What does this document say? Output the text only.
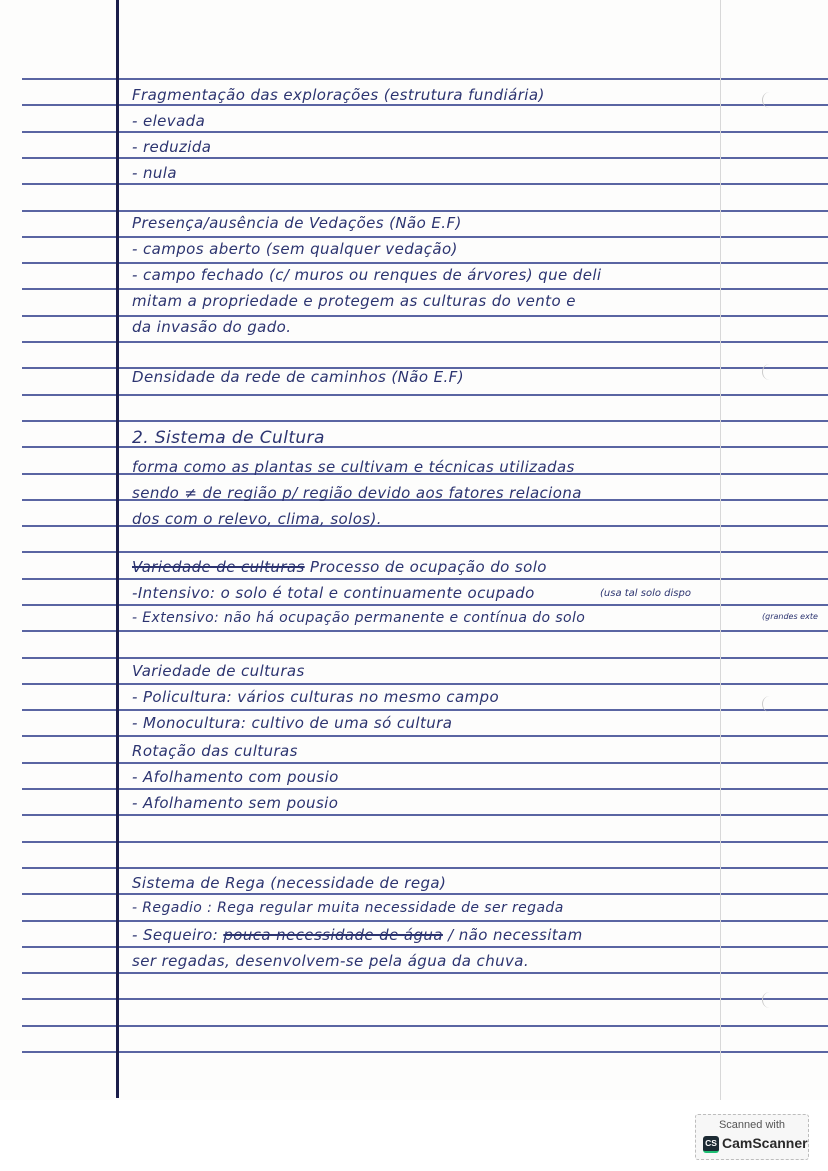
Fragmentação das explorações (estrutura fundiária)
- elevada
- reduzida
- nula
Presença/ausência de Vedações (Não E.F)
- campos aberto (sem qualquer vedação)
- campo fechado (c/ muros ou renques de árvores) que deli
mitam a propriedade e protegem as culturas do vento e
da invasão do gado.
Densidade da rede de caminhos (Não E.F)
2. Sistema de Cultura
forma como as plantas se cultivam e técnicas utilizadas
sendo ≠ de região p/ região devido aos fatores relaciona
dos com o relevo, clima, solos).
Variedade de culturas Processo de ocupação do solo
-Intensivo: o solo é total e continuamente ocupado	(usa tal solo dispo
- Extensivo: não há ocupação permanente e contínua do solo	(grandes exte
Variedade de culturas
- Policultura: vários culturas no mesmo campo
- Monocultura: cultivo de uma só cultura
Rotação das culturas
- Afolhamento com pousio
- Afolhamento sem pousio
Sistema de Rega (necessidade de rega)
- Regadio : Rega regular muita necessidade de ser regada
- Sequeiro: pouca necessidade de água / não necessitam
ser regadas, desenvolvem-se pela água da chuva.
Scanned with
CS CamScanner
